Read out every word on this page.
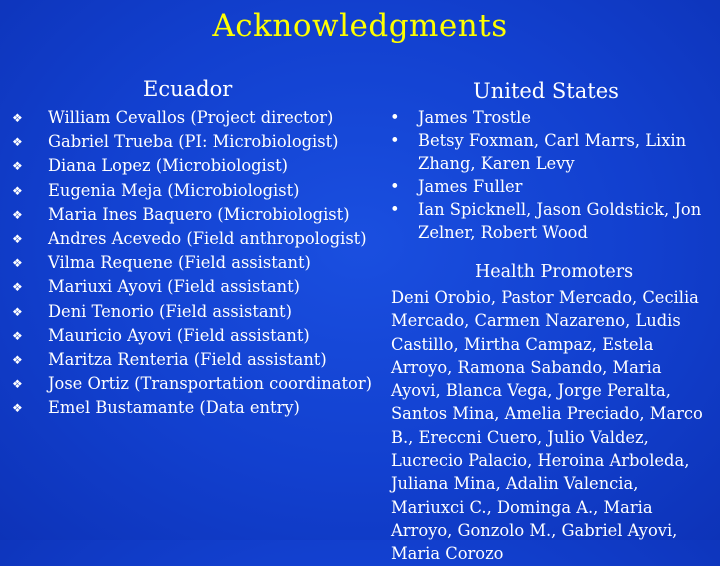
Acknowledgments
Ecuador	United States
❖ William Cevallos (Project director)
❖ Gabriel Trueba (PI: Microbiologist)
❖ Diana Lopez (Microbiologist)
❖ Eugenia Meja (Microbiologist)
❖ Maria Ines Baquero (Microbiologist)
❖ Andres Acevedo (Field anthropologist)
❖ Vilma Requene (Field assistant)
❖ Mariuxi Ayovi (Field assistant)
❖ Deni Tenorio (Field assistant)
❖ Mauricio Ayovi (Field assistant)
❖ Maritza Renteria (Field assistant)
❖ Jose Ortiz (Transportation coordinator)
❖ Emel Bustamante (Data entry)
•	James Trostle
•	Betsy Foxman, Carl Marrs, Lixin Zhang, Karen Levy
•	James Fuller
•	Ian Spicknell, Jason Goldstick, Jon Zelner, Robert Wood
Health Promoters
Deni Orobio, Pastor Mercado, Cecilia Mercado, Carmen Nazareno, Ludis Castillo, Mirtha Campaz, Estela Arroyo, Ramona Sabando, Maria Ayovi, Blanca Vega, Jorge Peralta, Santos Mina, Amelia Preciado, Marco B., Ereccni Cuero, Julio Valdez, Lucrecio Palacio, Heroina Arboleda, Juliana Mina, Adalin Valencia, Mariuxci C., Dominga A., Maria Arroyo, Gonzolo M., Gabriel Ayovi, Maria Corozo
